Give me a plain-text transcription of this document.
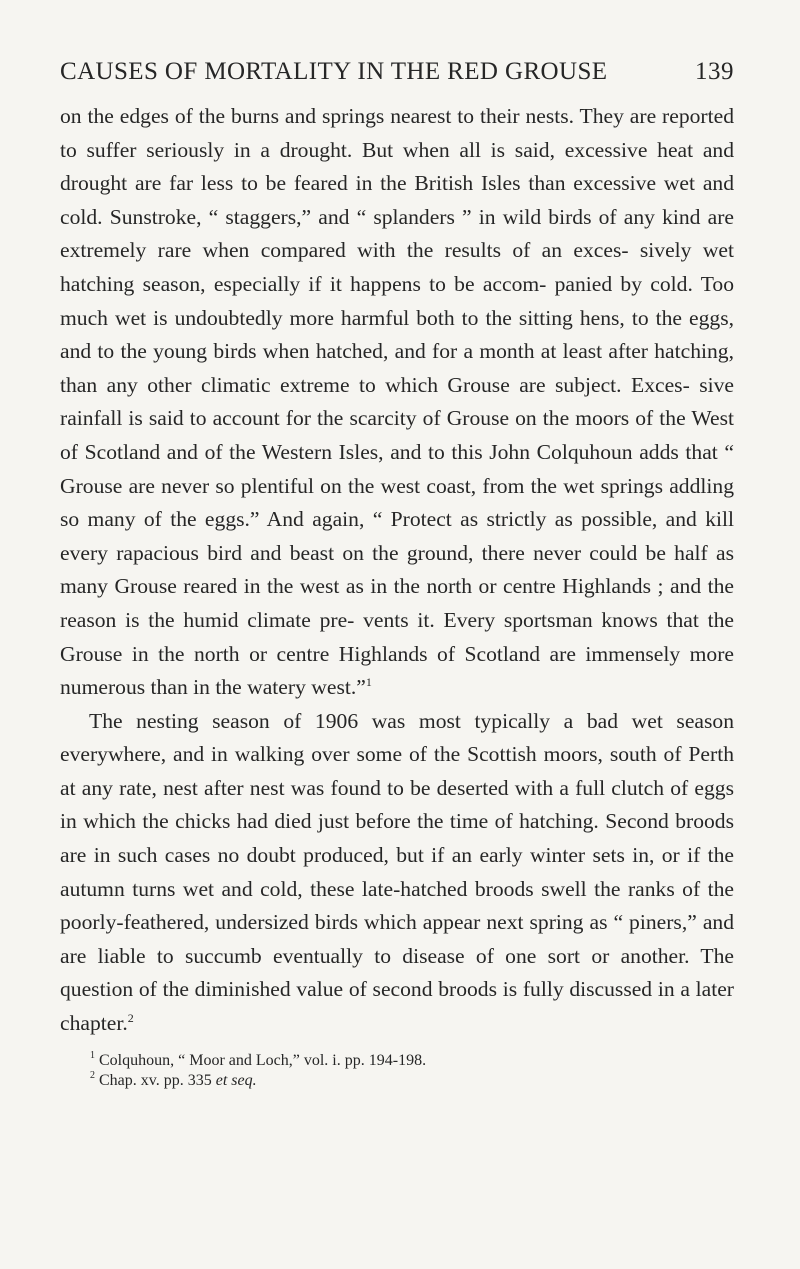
CAUSES OF MORTALITY IN THE RED GROUSE	139

on the edges of the burns and springs nearest to their nests. They are reported to suffer seriously in a drought. But when all is said, excessive heat and drought are far less to be feared in the British Isles than excessive wet and cold. Sunstroke, “ staggers,” and “ splanders ” in wild birds of any kind are extremely rare when compared with the results of an exces- sively wet hatching season, especially if it happens to be accom- panied by cold. Too much wet is undoubtedly more harmful both to the sitting hens, to the eggs, and to the young birds when hatched, and for a month at least after hatching, than any other climatic extreme to which Grouse are subject. Exces- sive rainfall is said to account for the scarcity of Grouse on the moors of the West of Scotland and of the Western Isles, and to this John Colquhoun adds that “ Grouse are never so plentiful on the west coast, from the wet springs addling so many of the eggs.” And again, “ Protect as strictly as possible, and kill every rapacious bird and beast on the ground, there never could be half as many Grouse reared in the west as in the north or centre Highlands ; and the reason is the humid climate pre- vents it. Every sportsman knows that the Grouse in the north or centre Highlands of Scotland are immensely more numerous than in the watery west.”$^1$

The nesting season of 1906 was most typically a bad wet season everywhere, and in walking over some of the Scottish moors, south of Perth at any rate, nest after nest was found to be deserted with a full clutch of eggs in which the chicks had died just before the time of hatching. Second broods are in such cases no doubt produced, but if an early winter sets in, or if the autumn turns wet and cold, these late-hatched broods swell the ranks of the poorly-feathered, undersized birds which appear next spring as “ piners,” and are liable to succumb eventually to disease of one sort or another. The question of the diminished value of second broods is fully discussed in a later chapter.$^2$

$^1$ Colquhoun, “ Moor and Loch,” vol. i. pp. 194-198.

$^2$ Chap. xv. pp. 335 et seq.
